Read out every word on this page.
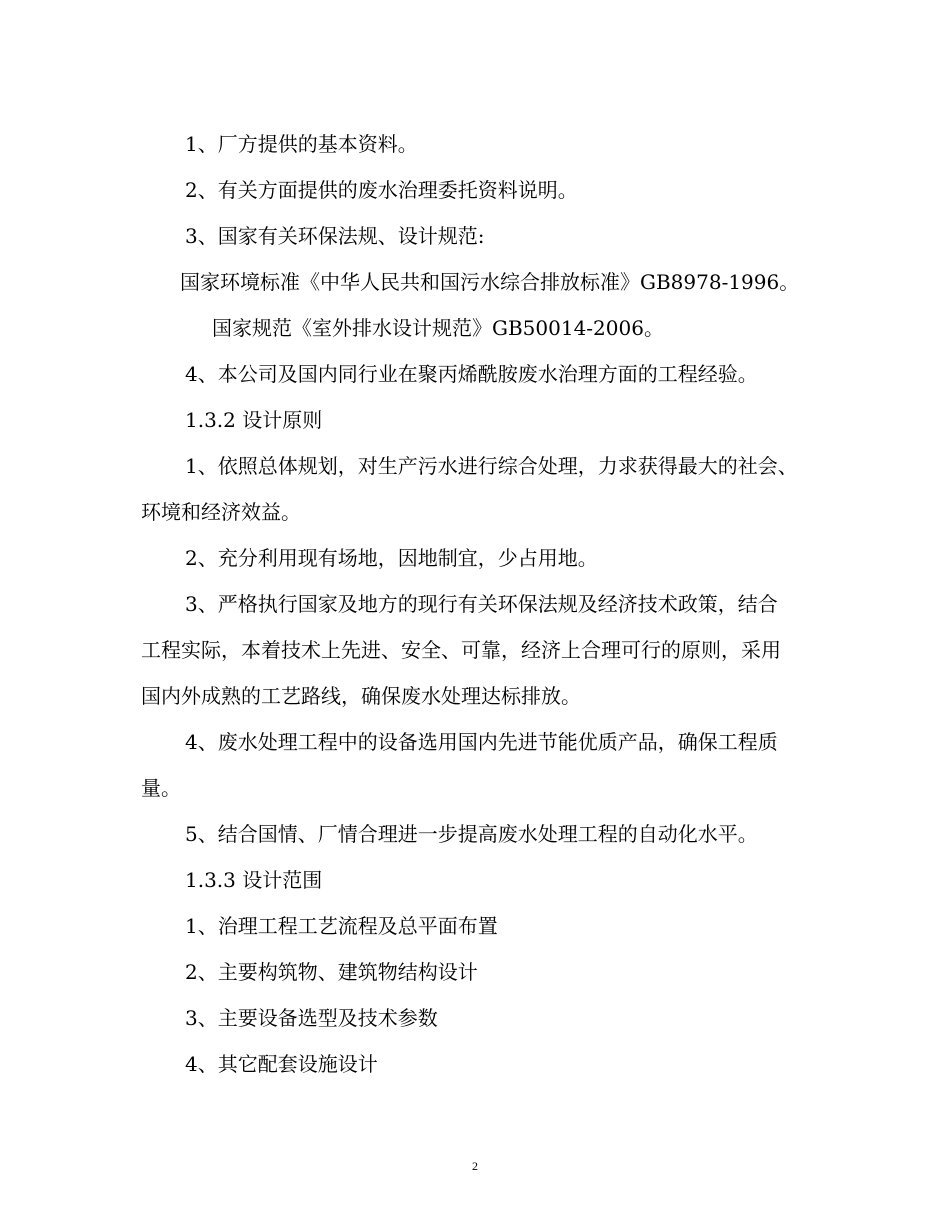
1、厂方提供的基本资料。
2、有关方面提供的废水治理委托资料说明。
3、国家有关环保法规、设计规范:
国家环境标准《中华人民共和国污水综合排放标准》GB8978-1996。
国家规范《室外排水设计规范》GB50014-2006。
4、本公司及国内同行业在聚丙烯酰胺废水治理方面的工程经验。
1.3.2 设计原则
1、依照总体规划，对生产污水进行综合处理，力求获得最大的社会、
环境和经济效益。
2、充分利用现有场地，因地制宜，少占用地。
3、严格执行国家及地方的现行有关环保法规及经济技术政策，结合
工程实际，本着技术上先进、安全、可靠，经济上合理可行的原则，采用
国内外成熟的工艺路线，确保废水处理达标排放。
4、废水处理工程中的设备选用国内先进节能优质产品，确保工程质
量。
5、结合国情、厂情合理进一步提高废水处理工程的自动化水平。
1.3.3 设计范围
1、治理工程工艺流程及总平面布置
2、主要构筑物、建筑物结构设计
3、主要设备选型及技术参数
4、其它配套设施设计
2
